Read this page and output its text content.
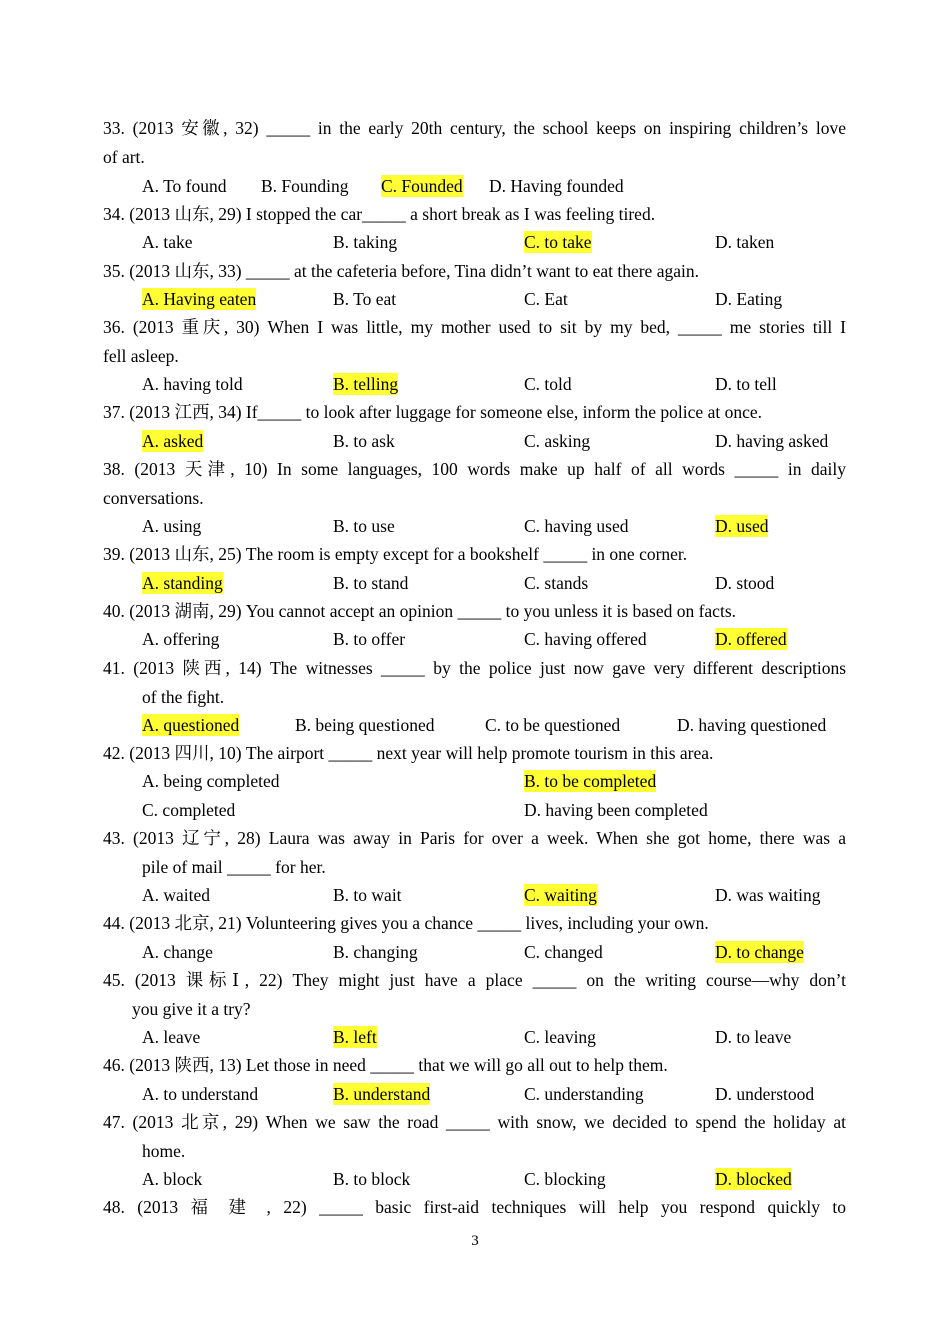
33. (2013 安徽, 32) _____ in the early 20th century, the school keeps on inspiring children’s love
of art.
A. To found B. Founding C. Founded D. Having founded
34. (2013 山东, 29) I stopped the car_____ a short break as I was feeling tired.
A. take	B. taking	C. to take	D. taken
35. (2013 山东, 33) _____ at the cafeteria before, Tina didn’t want to eat there again.
A. Having eaten	B. To eat	C. Eat	D. Eating
36. (2013 重庆, 30) When I was little, my mother used to sit by my bed, _____ me stories till I
fell asleep.
A. having told	B. telling	C. told	D. to tell
37. (2013 江西, 34) If_____ to look after luggage for someone else, inform the police at once.
A. asked	B. to ask	C. asking	D. having asked
38. (2013 天津, 10) In some languages, 100 words make up half of all words _____ in daily
conversations.
A. using	B. to use	C. having used	D. used
39. (2013 山东, 25) The room is empty except for a bookshelf _____ in one corner.
A. standing	B. to stand	C. stands	D. stood
40. (2013 湖南, 29) You cannot accept an opinion _____ to you unless it is based on facts.
A. offering	B. to offer	C. having offered	D. offered
41. (2013 陕西, 14) The witnesses _____ by the police just now gave very different descriptions
of the fight.
A. questioned	B. being questioned	C. to be questioned	D. having questioned
42. (2013 四川, 10) The airport _____ next year will help promote tourism in this area.
A. being completed	B. to be completed
C. completed	D. having been completed
43. (2013 辽宁, 28) Laura was away in Paris for over a week. When she got home, there was a
pile of mail _____ for her.
A. waited	B. to wait	C. waiting	D. was waiting
44. (2013 北京, 21) Volunteering gives you a chance _____ lives, including your own.
A. change	B. changing	C. changed	D. to change
45. (2013 课标Ⅰ, 22) They might just have a place _____ on the writing course—why don’t
you give it a try?
A. leave	B. left	C. leaving	D. to leave
46. (2013 陕西, 13) Let those in need _____ that we will go all out to help them.
A. to understand	B. understand	C. understanding	D. understood
47. (2013 北京, 29) When we saw the road _____ with snow, we decided to spend the holiday at
home.
A. block	B. to block	C. blocking	D. blocked
48. (2013 福 建 , 22) _____ basic first-aid techniques will help you respond quickly to
3
